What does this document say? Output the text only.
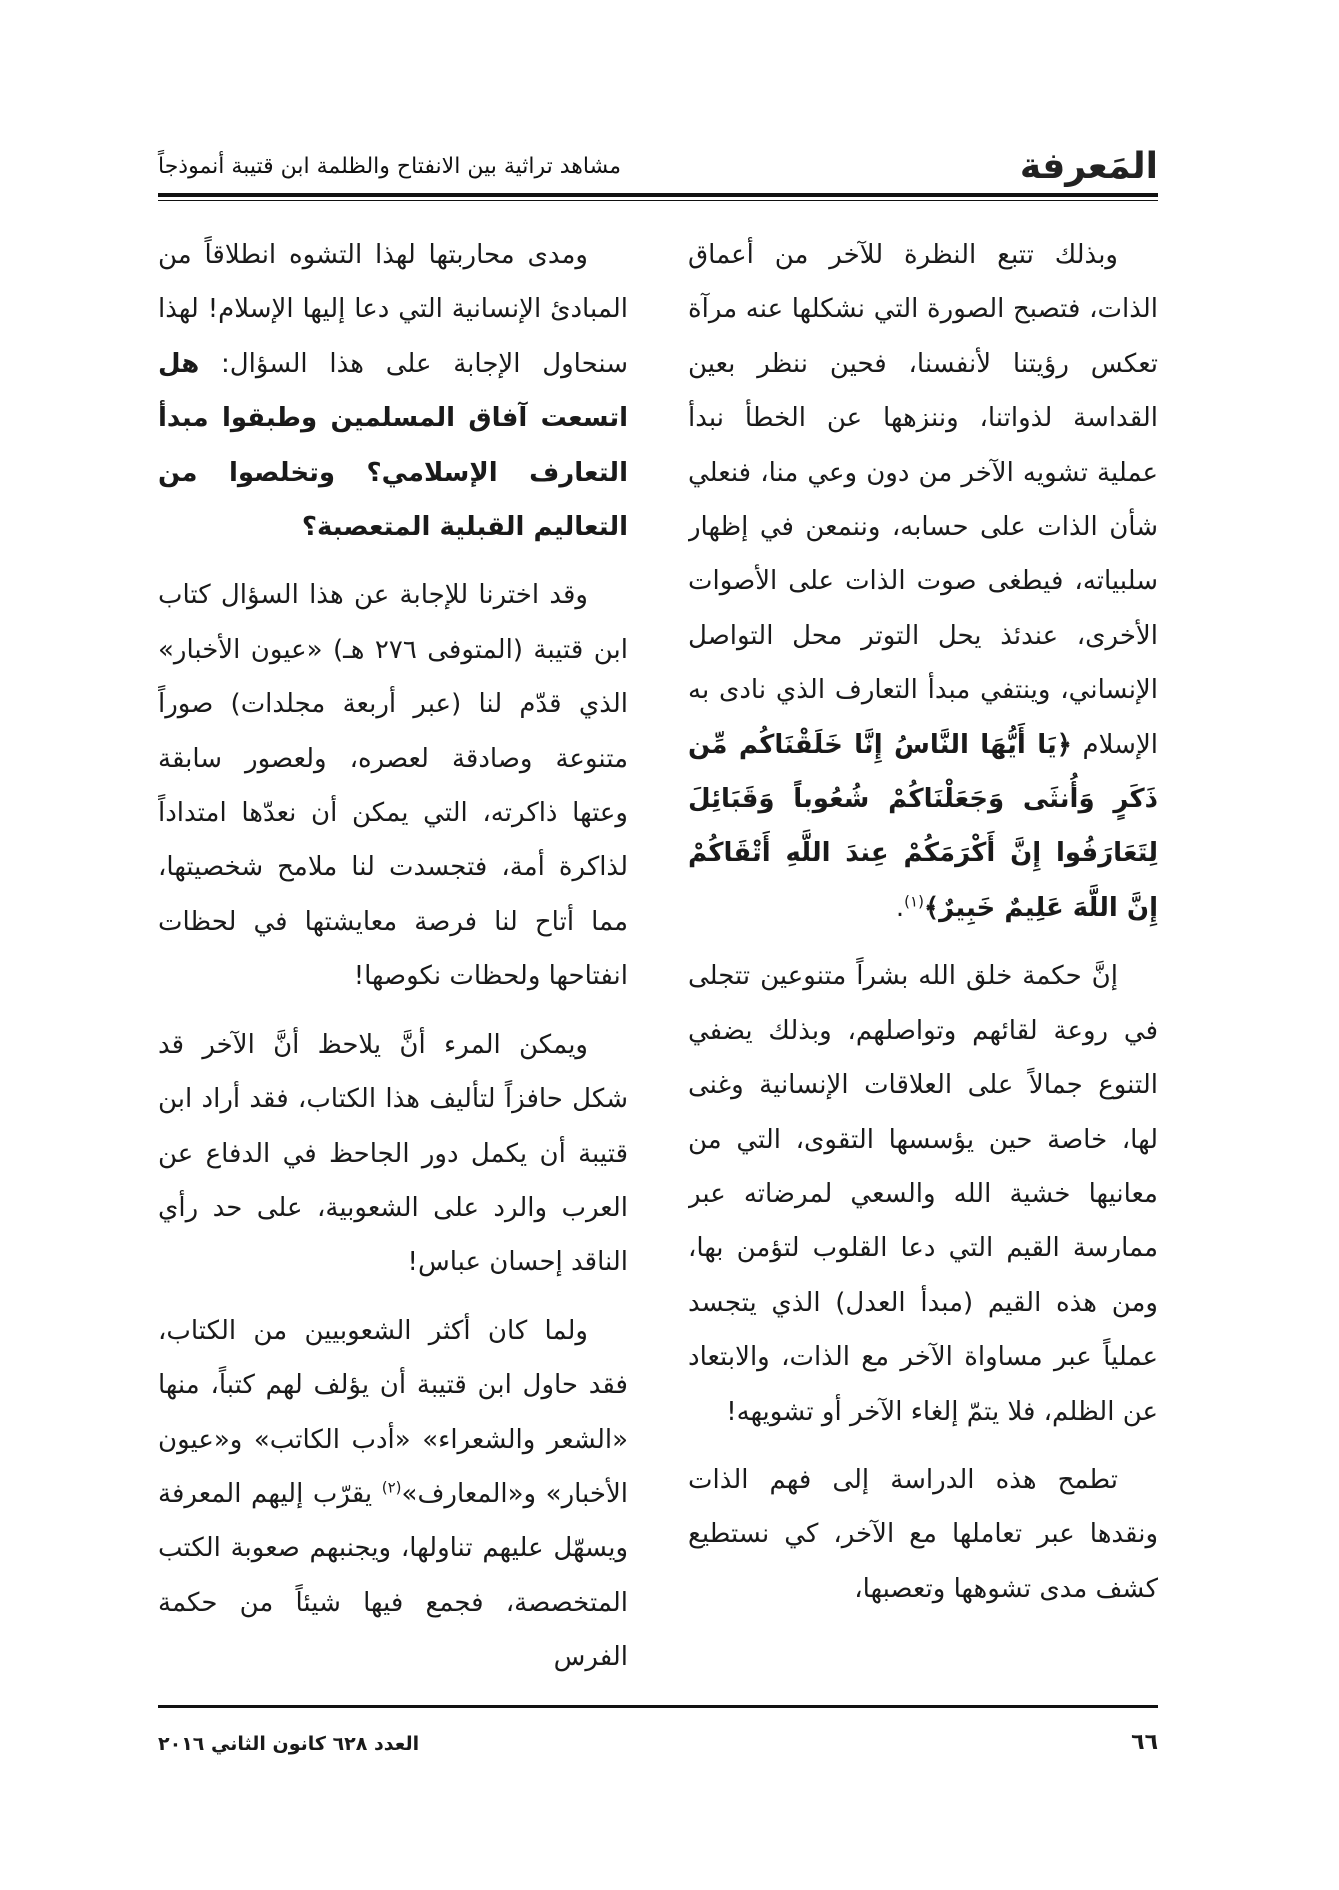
المَعرفة
مشاهد تراثية بين الانفتاح والظلمة ابن قتيبة أنموذجاً

وبذلك تتبع النظرة للآخر من أعماق الذات، فتصبح الصورة التي نشكلها عنه مرآة تعكس رؤيتنا لأنفسنا، فحين ننظر بعين القداسة لذواتنا، وننزهها عن الخطأ نبدأ عملية تشويه الآخر من دون وعي منا، فنعلي شأن الذات على حسابه، وننمعن في إظهار سلبياته، فيطغى صوت الذات على الأصوات الأخرى، عندئذ يحل التوتر محل التواصل الإنساني، وينتفي مبدأ التعارف الذي نادى به الإسلام ﴿يَا أَيُّهَا النَّاسُ إِنَّا خَلَقْنَاكُم مِّن ذَكَرٍ وَأُنثَى وَجَعَلْنَاكُمْ شُعُوباً وَقَبَائِلَ لِتَعَارَفُوا إِنَّ أَكْرَمَكُمْ عِندَ اللَّهِ أَتْقَاكُمْ إِنَّ اللَّهَ عَلِيمٌ خَبِيرٌ﴾$^{(١)}$.

إنَّ حكمة خلق الله بشراً متنوعين تتجلى في روعة لقائهم وتواصلهم، وبذلك يضفي التنوع جمالاً على العلاقات الإنسانية وغنى لها، خاصة حين يؤسسها التقوى، التي من معانيها خشية الله والسعي لمرضاته عبر ممارسة القيم التي دعا القلوب لتؤمن بها، ومن هذه القيم (مبدأ العدل) الذي يتجسد عملياً عبر مساواة الآخر مع الذات، والابتعاد عن الظلم، فلا يتمّ إلغاء الآخر أو تشويهه!

تطمح هذه الدراسة إلى فهم الذات ونقدها عبر تعاملها مع الآخر، كي نستطيع كشف مدى تشوهها وتعصبها،

ومدى محاربتها لهذا التشوه انطلاقاً من المبادئ الإنسانية التي دعا إليها الإسلام! لهذا سنحاول الإجابة على هذا السؤال: هل اتسعت آفاق المسلمين وطبقوا مبدأ التعارف الإسلامي؟ وتخلصوا من التعاليم القبلية المتعصبة؟

وقد اخترنا للإجابة عن هذا السؤال كتاب ابن قتيبة (المتوفى ٢٧٦ هـ) «عيون الأخبار» الذي قدّم لنا (عبر أربعة مجلدات) صوراً متنوعة وصادقة لعصره، ولعصور سابقة وعتها ذاكرته، التي يمكن أن نعدّها امتداداً لذاكرة أمة، فتجسدت لنا ملامح شخصيتها، مما أتاح لنا فرصة معايشتها في لحظات انفتاحها ولحظات نكوصها!

ويمكن المرء أنَّ يلاحظ أنَّ الآخر قد شكل حافزاً لتأليف هذا الكتاب، فقد أراد ابن قتيبة أن يكمل دور الجاحظ في الدفاع عن العرب والرد على الشعوبية، على حد رأي الناقد إحسان عباس!

ولما كان أكثر الشعوبيين من الكتاب، فقد حاول ابن قتيبة أن يؤلف لهم كتباً، منها «الشعر والشعراء» «أدب الكاتب» و«عيون الأخبار» و«المعارف»$^{(٢)}$ يقرّب إليهم المعرفة ويسهّل عليهم تناولها، ويجنبهم صعوبة الكتب المتخصصة، فجمع فيها شيئاً من حكمة الفرس

العدد ٦٢٨ كانون الثاني ٢٠١٦	٦٦
